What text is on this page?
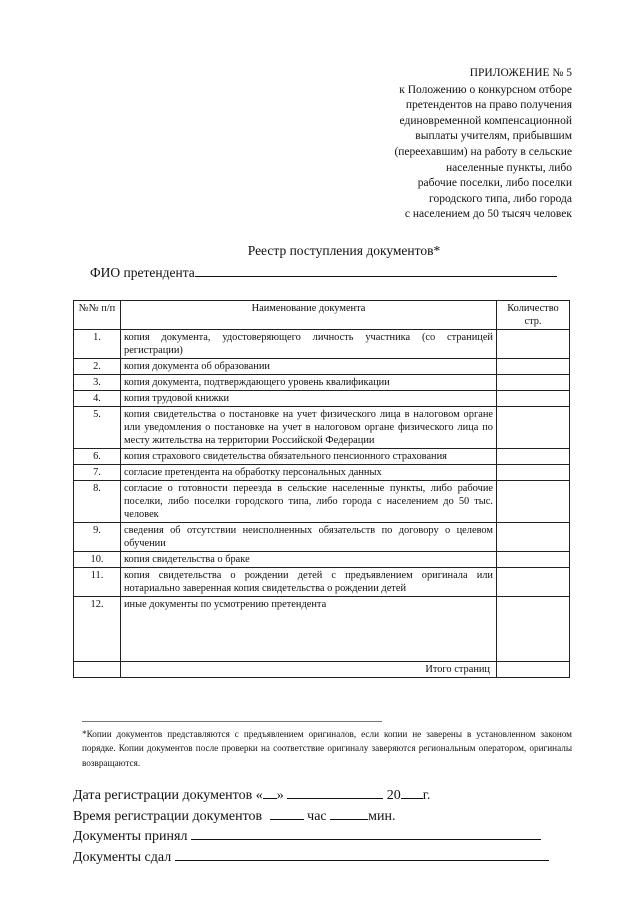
ПРИЛОЖЕНИЕ № 5
к Положению о конкурсном отборе
претендентов на право получения
единовременной компенсационной
выплаты учителям, прибывшим
(переехавшим) на работу в сельские
населенные пункты, либо
рабочие поселки, либо поселки
городского типа, либо города
с населением до 50 тысяч человек
Реестр поступления документов*
ФИО претендента
№№ п/п	Наименование документа	Количество стр.
1.	копия документа, удостоверяющего личность участника (со страницей регистрации)	
2.	копия документа об образовании	
3.	копия документа, подтверждающего уровень квалификации	
4.	копия трудовой книжки	
5.	копия свидетельства о постановке на учет физического лица в налоговом органе или уведомления о постановке на учет в налоговом органе физического лица по месту жительства на территории Российской Федерации	
6.	копия страхового свидетельства обязательного пенсионного страхования	
7.	согласие претендента на обработку персональных данных	
8.	согласие о готовности переезда в сельские населенные пункты, либо рабочие поселки, либо поселки городского типа, либо города с населением до 50 тыс. человек	
9.	сведения об отсутствии неисполненных обязательств по договору о целевом обучении	
10.	копия свидетельства о браке	
11.	копия свидетельства о рождении детей с предъявлением оригинала или нотариально заверенная копия свидетельства о рождении детей	
12.	иные документы по усмотрению претендента	
	Итого страниц	
*Копии документов представляются с предъявлением оригиналов, если копии не заверены в установленном законом порядке. Копии документов после проверки на соответствие оригиналу заверяются региональным оператором, оригиналы возвращаются.
Дата регистрации документов « »	20 г.
Время регистрации документов	час	мин.
Документы принял
Документы сдал
